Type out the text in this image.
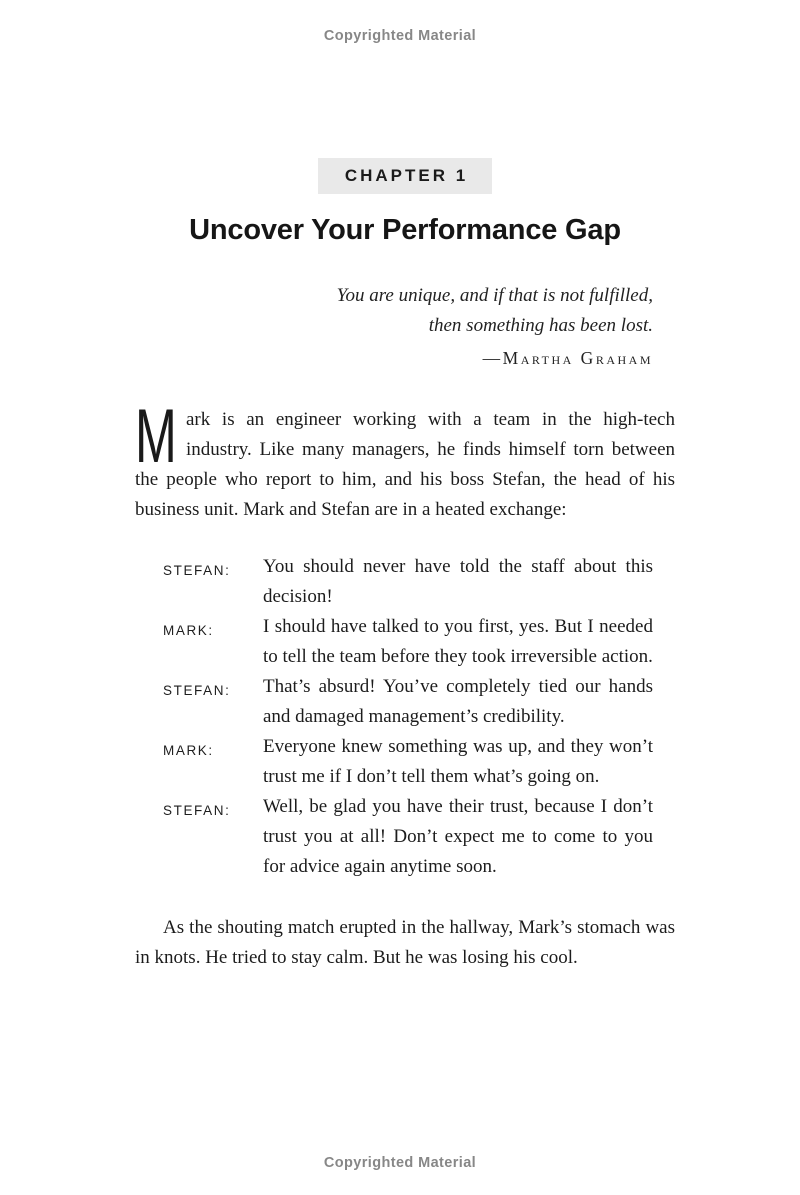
Copyrighted Material
CHAPTER 1
Uncover Your Performance Gap
You are unique, and if that is not fulfilled,
then something has been lost.
—Martha Graham
Mark is an engineer working with a team in the high-tech industry. Like many managers, he finds himself torn between the people who report to him, and his boss Stefan, the head of his business unit. Mark and Stefan are in a heated exchange:
STEFAN:	You should never have told the staff about this decision!
MARK:	I should have talked to you first, yes. But I needed to tell the team before they took irreversible action.
STEFAN:	That’s absurd! You’ve completely tied our hands and damaged management’s credibility.
MARK:	Everyone knew something was up, and they won’t trust me if I don’t tell them what’s going on.
STEFAN:	Well, be glad you have their trust, because I don’t trust you at all! Don’t expect me to come to you for advice again anytime soon.
As the shouting match erupted in the hallway, Mark’s stomach was in knots. He tried to stay calm. But he was losing his cool.
Copyrighted Material
